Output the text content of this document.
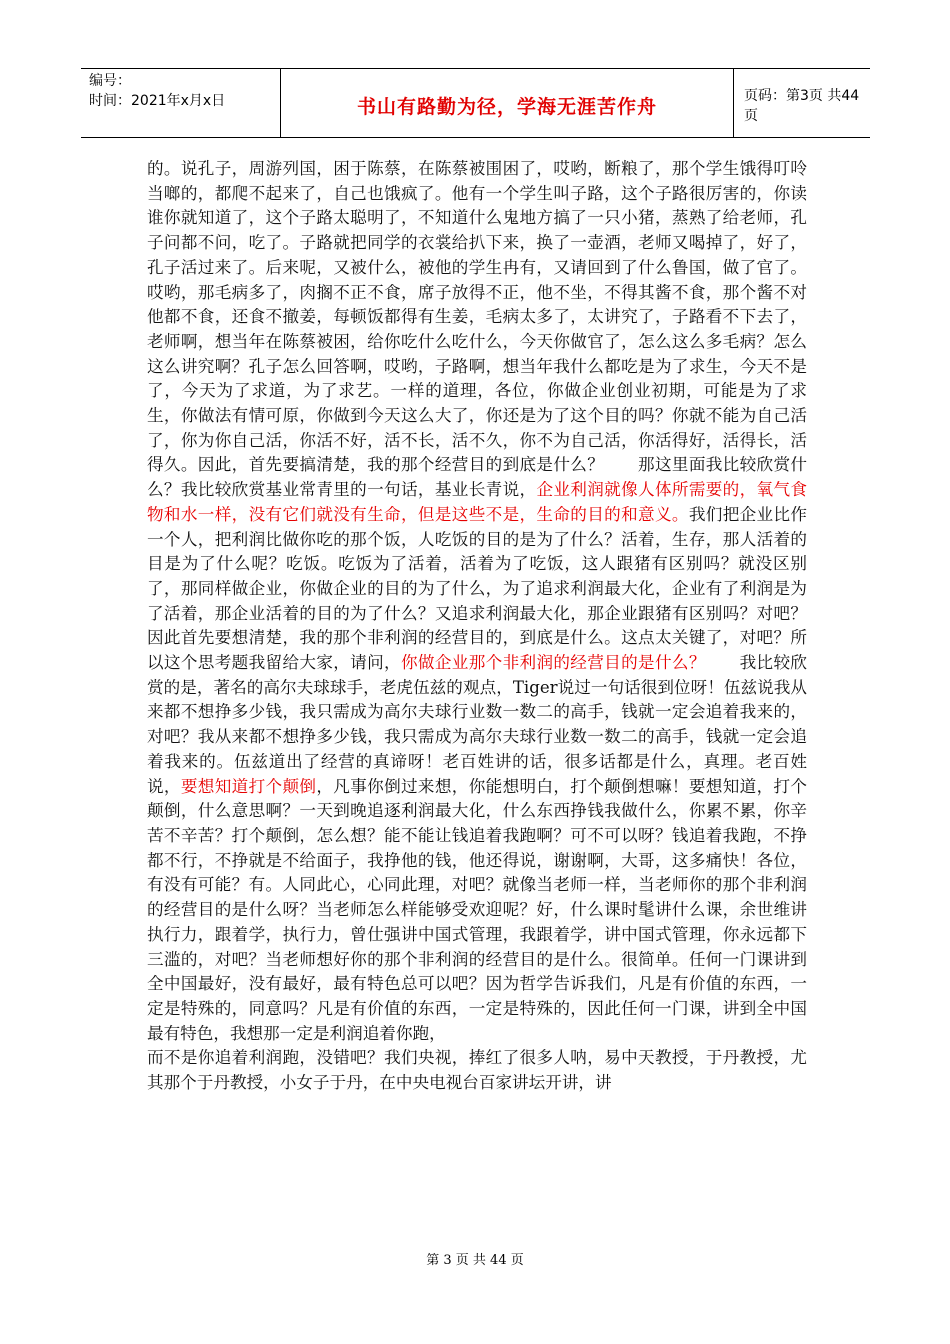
编号：
时间：2021年x月x日	书山有路勤为径，学海无涯苦作舟	页码：第3页 共44页

的。说孔子，周游列国，困于陈蔡，在陈蔡被围困了，哎哟，断粮了，那个学生饿得叮呤当啷的，都爬不起来了，自己也饿疯了。他有一个学生叫子路，这个子路很厉害的，你读谁你就知道了，这个子路太聪明了，不知道什么鬼地方搞了一只小猪，蒸熟了给老师，孔子问都不问，吃了。子路就把同学的衣裳给扒下来，换了一壶酒，老师又喝掉了，好了，孔子活过来了。后来呢，又被什么，被他的学生冉有，又请回到了什么鲁国，做了官了。哎哟，那毛病多了，肉搁不正不食，席子放得不正，他不坐，不得其酱不食，那个酱不对他都不食，还食不撤姜，每顿饭都得有生姜，毛病太多了，太讲究了，子路看不下去了，老师啊，想当年在陈蔡被困，给你吃什么吃什么，今天你做官了，怎么这么多毛病？怎么这么讲究啊？孔子怎么回答啊，哎哟，子路啊，想当年我什么都吃是为了求生，今天不是了，今天为了求道，为了求艺。一样的道理，各位，你做企业创业初期，可能是为了求生，你做法有情可原，你做到今天这么大了，你还是为了这个目的吗？你就不能为自己活了，你为你自己活，你活不好，活不长，活不久，你不为自己活，你活得好，活得长，活得久。因此，首先要搞清楚，我的那个经营目的到底是什么？　　那这里面我比较欣赏什么？我比较欣赏基业常青里的一句话，基业长青说，企业利润就像人体所需要的，氧气食物和水一样，没有它们就没有生命，但是这些不是，生命的目的和意义。我们把企业比作一个人，把利润比做你吃的那个饭，人吃饭的目的是为了什么？活着，生存，那人活着的目是为了什么呢？吃饭。吃饭为了活着，活着为了吃饭，这人跟猪有区别吗？就没区别了，那同样做企业，你做企业的目的为了什么，为了追求利润最大化，企业有了利润是为了活着，那企业活着的目的为了什么？又追求利润最大化，那企业跟猪有区别吗？对吧？因此首先要想清楚，我的那个非利润的经营目的，到底是什么。这点太关键了，对吧？所以这个思考题我留给大家，请问，你做企业那个非利润的经营目的是什么？　　我比较欣赏的是，著名的高尔夫球球手，老虎伍兹的观点，Tiger说过一句话很到位呀！伍兹说我从来都不想挣多少钱，我只需成为高尔夫球行业数一数二的高手，钱就一定会追着我来的，对吧？我从来都不想挣多少钱，我只需成为高尔夫球行业数一数二的高手，钱就一定会追着我来的。伍兹道出了经营的真谛呀！老百姓讲的话，很多话都是什么，真理。老百姓说，要想知道打个颠倒，凡事你倒过来想，你能想明白，打个颠倒想嘛！要想知道，打个颠倒，什么意思啊？一天到晚追逐利润最大化，什么东西挣钱我做什么，你累不累，你辛苦不辛苦？打个颠倒，怎么想？能不能让钱追着我跑啊？可不可以呀？钱追着我跑，不挣都不行，不挣就是不给面子，我挣他的钱，他还得说，谢谢啊，大哥，这多痛快！各位，有没有可能？有。人同此心，心同此理，对吧？就像当老师一样，当老师你的那个非利润的经营目的是什么呀？当老师怎么样能够受欢迎呢？好，什么课时髦讲什么课，余世维讲执行力，跟着学，执行力，曾仕强讲中国式管理，我跟着学，讲中国式管理，你永远都下三滥的，对吧？当老师想好你的那个非利润的经营目的是什么。很简单。任何一门课讲到全中国最好，没有最好，最有特色总可以吧？因为哲学告诉我们，凡是有价值的东西，一定是特殊的，同意吗？凡是有价值的东西，一定是特殊的，因此任何一门课，讲到全中国最有特色，我想那一定是利润追着你跑，

而不是你追着利润跑，没错吧？我们央视，捧红了很多人呐，易中天教授，于丹教授，尤其那个于丹教授，小女子于丹，在中央电视台百家讲坛开讲，讲

第 3 页 共 44 页
